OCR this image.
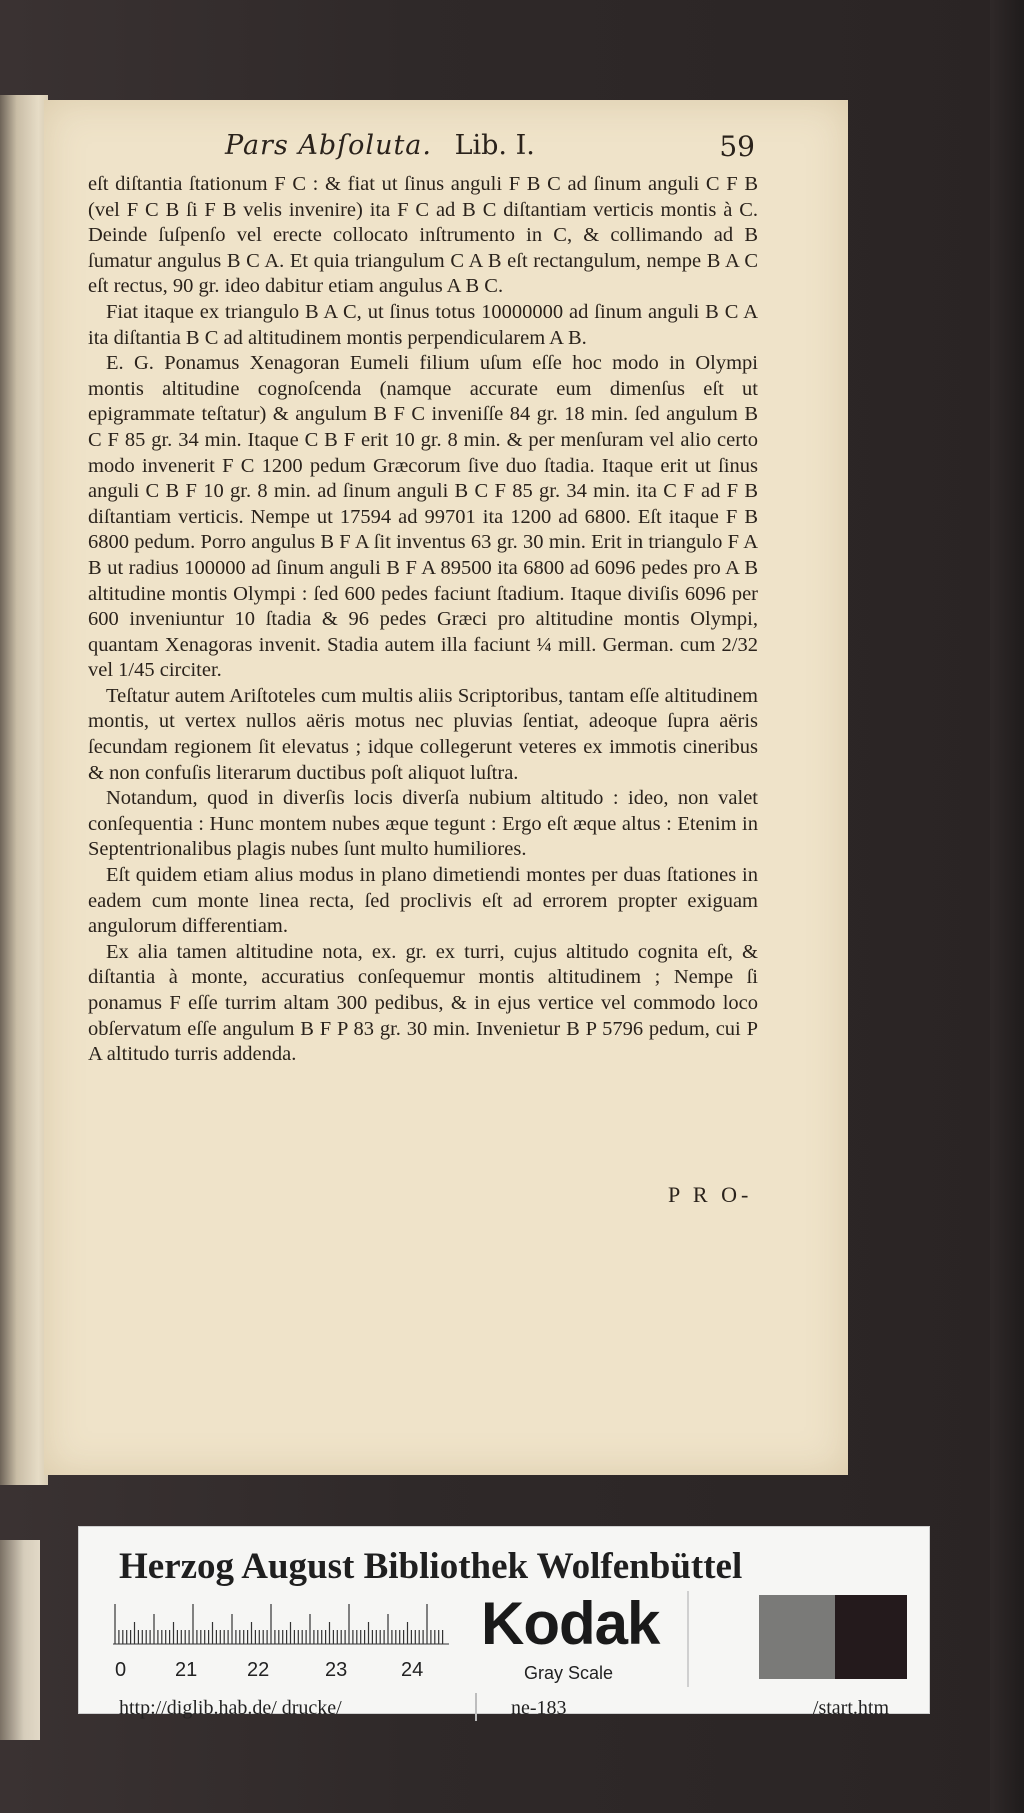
Pars Abſoluta. Lib. I.	59

eſt diſtantia ſtationum F C : & fiat ut ſinus anguli F B C ad ſinum anguli C F B (vel F C B ſi F B velis invenire) ita F C ad B C diſtantiam verticis montis à C. Deinde ſuſpenſo vel erecte collocato inſtrumento in C, & collimando ad B ſumatur angulus B C A. Et quia triangulum C A B eſt rectangulum, nempe B A C eſt rectus, 90 gr. ideo dabitur etiam angulus A B C.

Fiat itaque ex triangulo B A C, ut ſinus totus 10000000 ad ſinum anguli B C A ita diſtantia B C ad altitudinem montis perpendicularem A B.

E. G. Ponamus Xenagoran Eumeli filium uſum eſſe hoc modo in Olympi montis altitudine cognoſcenda (namque accurate eum dimenſus eſt ut epigrammate teſtatur) & angulum B F C inveniſſe 84 gr. 18 min. ſed angulum B C F 85 gr. 34 min. Itaque C B F erit 10 gr. 8 min. & per menſuram vel alio certo modo invenerit F C 1200 pedum Græcorum ſive duo ſtadia. Itaque erit ut ſinus anguli C B F 10 gr. 8 min. ad ſinum anguli B C F 85 gr. 34 min. ita C F ad F B diſtantiam verticis. Nempe ut 17594 ad 99701 ita 1200 ad 6800. Eſt itaque F B 6800 pedum. Porro angulus B F A ſit inventus 63 gr. 30 min. Erit in triangulo F A B ut radius 100000 ad ſinum anguli B F A 89500 ita 6800 ad 6096 pedes pro A B altitudine montis Olympi : ſed 600 pedes faciunt ſtadium. Itaque diviſis 6096 per 600 inveniuntur 10 ſtadia & 96 pedes Græci pro altitudine montis Olympi, quantam Xenagoras invenit. Stadia autem illa faciunt ¼ mill. German. cum 2/32 vel 1/45 circiter.

Teſtatur autem Ariſtoteles cum multis aliis Scriptoribus, tantam eſſe altitudinem montis, ut vertex nullos aëris motus nec pluvias ſentiat, adeoque ſupra aëris ſecundam regionem ſit elevatus ; idque collegerunt veteres ex immotis cineribus & non confuſis literarum ductibus poſt aliquot luſtra.

Notandum, quod in diverſis locis diverſa nubium altitudo : ideo, non valet conſequentia : Hunc montem nubes æque tegunt : Ergo eſt æque altus : Etenim in Septentrionalibus plagis nubes ſunt multo humiliores.

Eſt quidem etiam alius modus in plano dimetiendi montes per duas ſtationes in eadem cum monte linea recta, ſed proclivis eſt ad errorem propter exiguam angulorum differentiam.

Ex alia tamen altitudine nota, ex. gr. ex turri, cujus altitudo cognita eſt, & diſtantia à monte, accuratius conſequemur montis altitudinem ; Nempe ſi ponamus F eſſe turrim altam 300 pedibus, & in ejus vertice vel commodo loco obſervatum eſſe angulum B F P 83 gr. 30 min. Invenietur B P 5796 pedum, cui P A altitudo turris addenda.

P R O-
Herzog August Bibliothek Wolfenbüttel
0 21 22	23	24
Kodak
Gray Scale
http://diglib.hab.de/ drucke/	ne-183	/start.htm
